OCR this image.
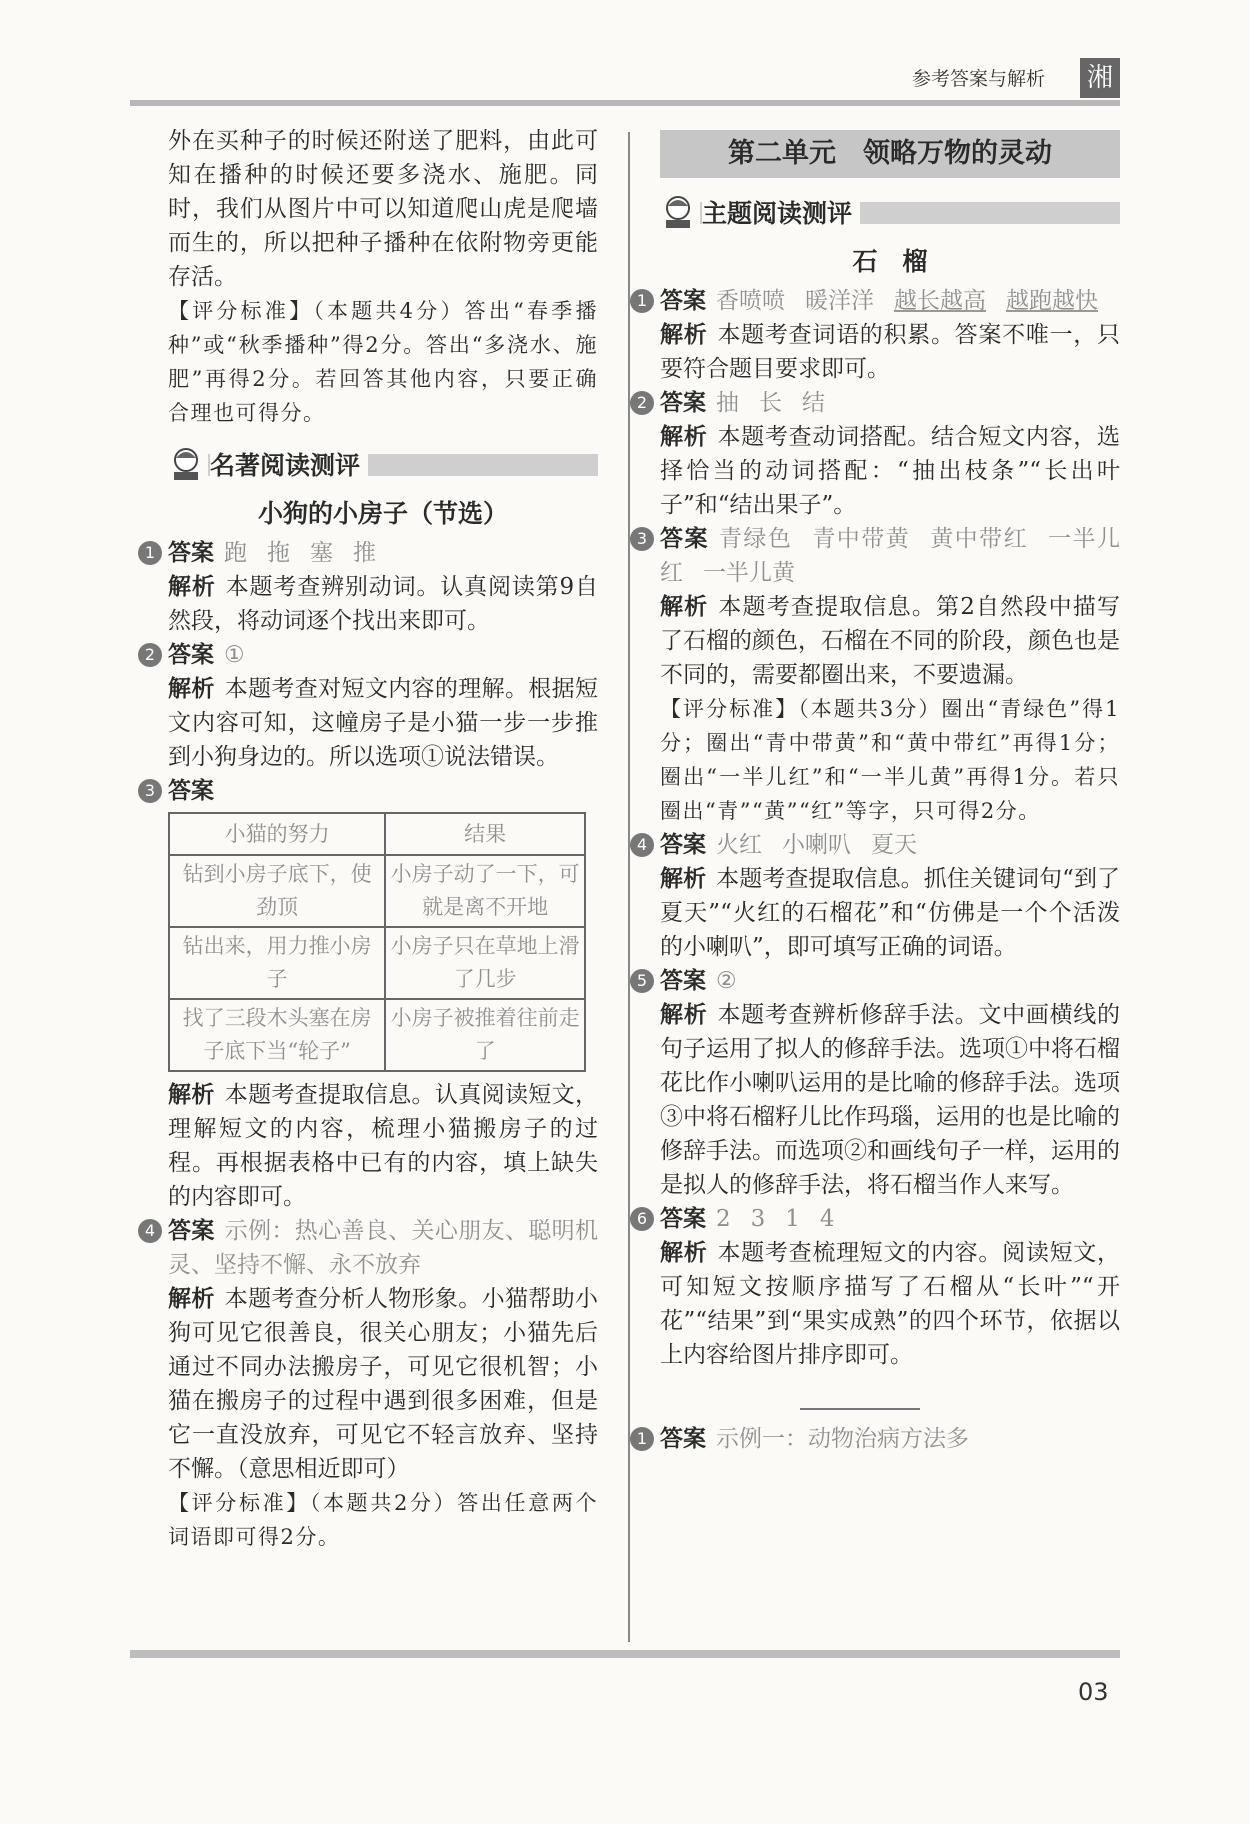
参考答案与解析 湘

外在买种子的时候还附送了肥料，由此可知在播种的时候还要多浇水、施肥。同时，我们从图片中可以知道爬山虎是爬墙而生的，所以把种子播种在依附物旁更能存活。

【评分标准】（本题共4分）答出“春季播种”或“秋季播种”得2分。答出“多浇水、施肥”再得2分。若回答其他内容，只要正确合理也可得分。

名著阅读测评
小狗的小房子（节选）
1 答案 跑 拖 塞 推

解析 本题考查辨别动词。认真阅读第9自然段，将动词逐个找出来即可。

2 答案 ①

解析 本题考查对短文内容的理解。根据短文内容可知，这幢房子是小猫一步一步推到小狗身边的。所以选项①说法错误。

3 答案

小猫的努力	结果
钻到小房子底下，使劲顶	小房子动了一下，可就是离不开地
钻出来，用力推小房子	小房子只在草地上滑了几步
找了三段木头塞在房子底下当“轮子”	小房子被推着往前走了

解析 本题考查提取信息。认真阅读短文，理解短文的内容，梳理小猫搬房子的过程。再根据表格中已有的内容，填上缺失的内容即可。

4 答案 示例：热心善良、关心朋友、聪明机灵、坚持不懈、永不放弃

解析 本题考查分析人物形象。小猫帮助小狗可见它很善良，很关心朋友；小猫先后通过不同办法搬房子，可见它很机智；小猫在搬房子的过程中遇到很多困难，但是它一直没放弃，可见它不轻言放弃、坚持不懈。（意思相近即可）

【评分标准】（本题共2分）答出任意两个词语即可得2分。

第二单元　领略万物的灵动
主题阅读测评
石　榴
1 答案 香喷喷 暖洋洋 越长越高 越跑越快

解析 本题考查词语的积累。答案不唯一，只要符合题目要求即可。

2 答案 抽 长 结

解析 本题考查动词搭配。结合短文内容，选择恰当的动词搭配：“抽出枝条”“长出叶子”和“结出果子”。

3 答案 青绿色 青中带黄 黄中带红 一半儿红 一半儿黄

解析 本题考查提取信息。第2自然段中描写了石榴的颜色，石榴在不同的阶段，颜色也是不同的，需要都圈出来，不要遗漏。

【评分标准】（本题共3分）圈出“青绿色”得1分；圈出“青中带黄”和“黄中带红”再得1分；圈出“一半儿红”和“一半儿黄”再得1分。若只圈出“青”“黄”“红”等字，只可得2分。

4 答案 火红 小喇叭 夏天

解析 本题考查提取信息。抓住关键词句“到了夏天”“火红的石榴花”和“仿佛是一个个活泼的小喇叭”，即可填写正确的词语。

5 答案 ②

解析 本题考查辨析修辞手法。文中画横线的句子运用了拟人的修辞手法。选项①中将石榴花比作小喇叭运用的是比喻的修辞手法。选项③中将石榴籽儿比作玛瑙，运用的也是比喻的修辞手法。而选项②和画线句子一样，运用的是拟人的修辞手法，将石榴当作人来写。

6 答案 2 3 1 4

解析 本题考查梳理短文的内容。阅读短文，可知短文按顺序描写了石榴从“长叶”“开花”“结果”到“果实成熟”的四个环节，依据以上内容给图片排序即可。

1 答案 示例一：动物治病方法多

03
